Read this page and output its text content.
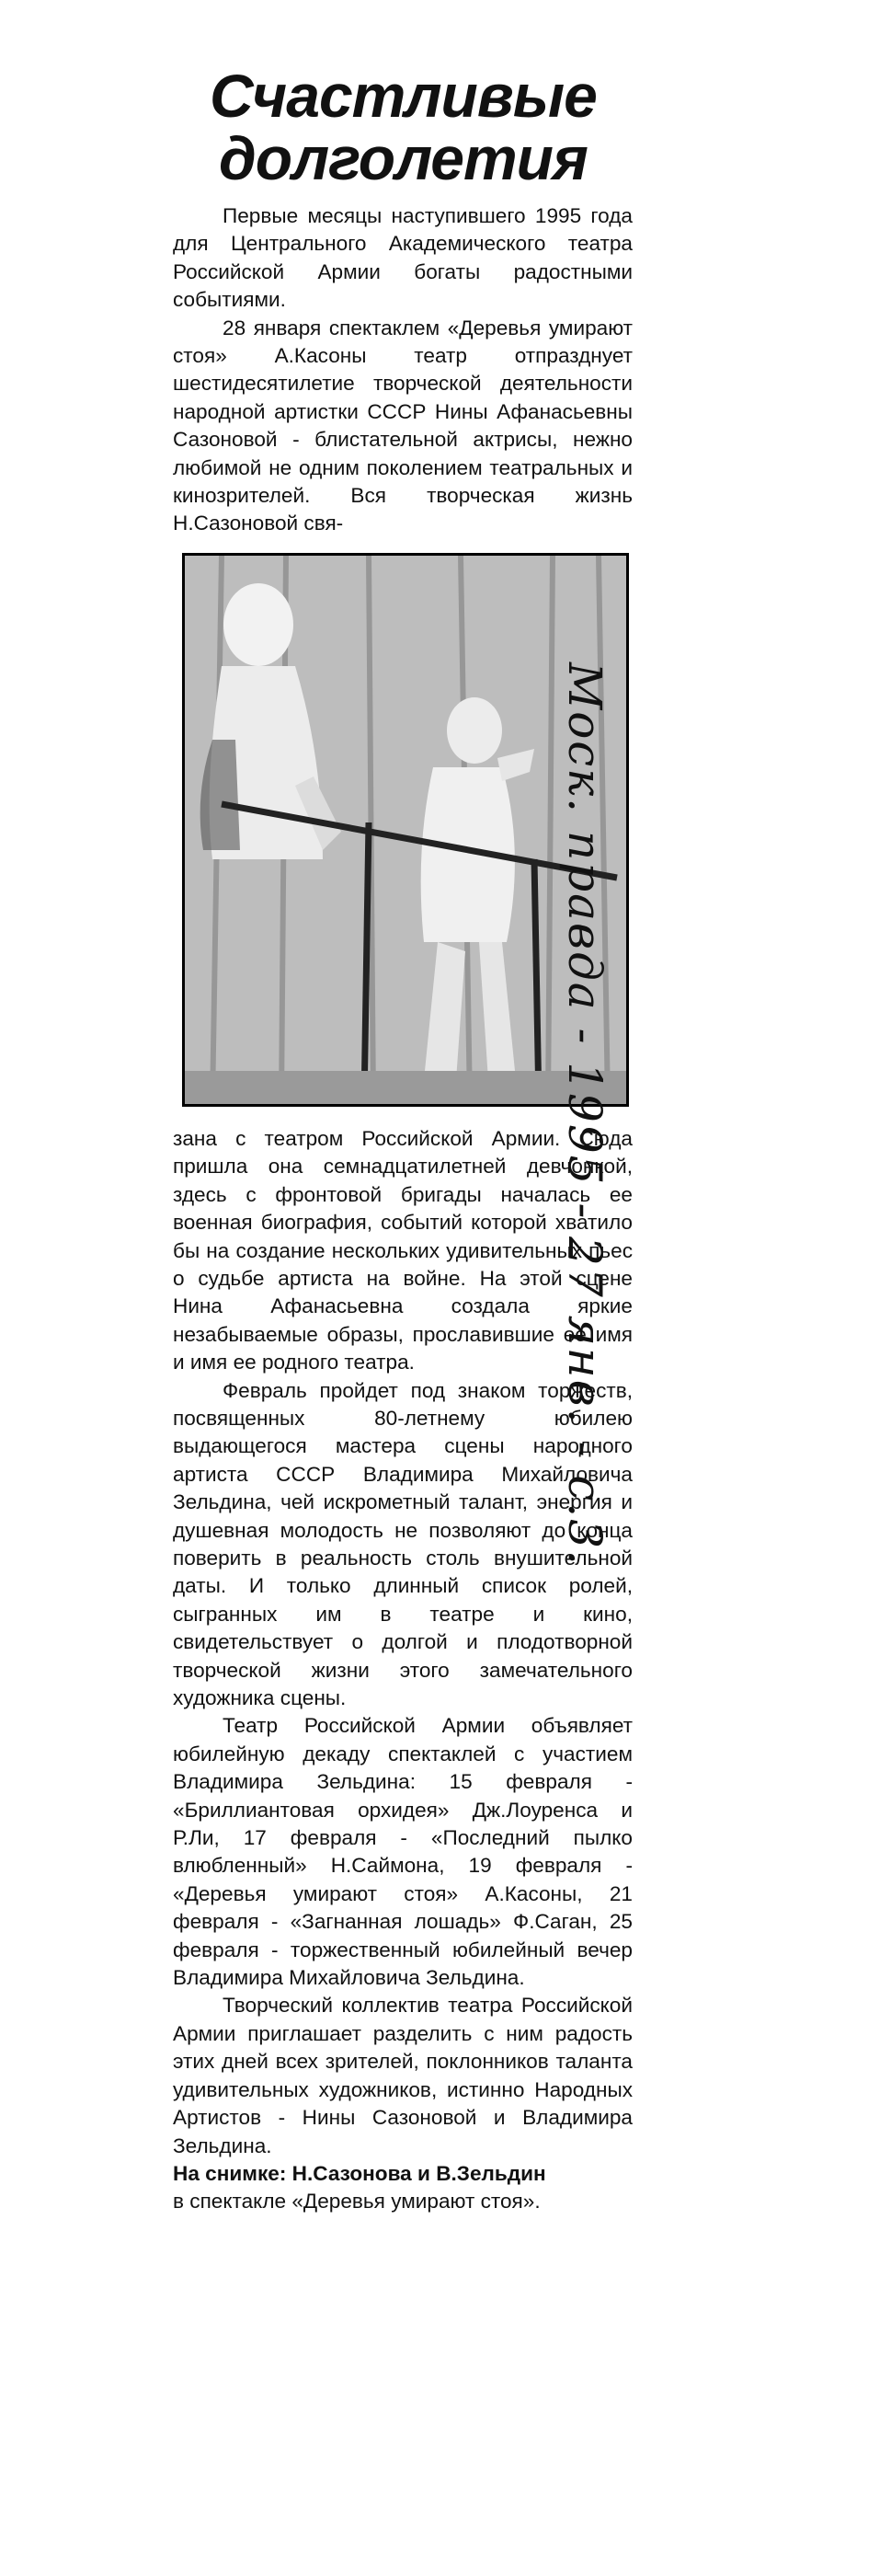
Счастливые
долголетия

Первые месяцы наступившего 1995 года для Центрального Академического театра Российской Армии богаты радостными событиями.

28 января спектаклем «Деревья умирают стоя» А.Касоны театр отпразднует шестидесятилетие творческой деятельности народной артистки СССР Нины Афанасьевны Сазоновой - блистательной актрисы, нежно любимой не одним поколением театральных и кинозрителей. Вся творческая жизнь Н.Сазоновой свя-

зана с театром Российской Армии. Сюда пришла она семнадцатилетней девчонкой, здесь с фронтовой бригады началась ее военная биография, событий которой хватило бы на создание нескольких удивительных пьес о судьбе артиста на войне. На этой сцене Нина Афанасьевна создала яркие незабываемые образы, прославившие ее имя и имя ее родного театра.

Февраль пройдет под знаком торжеств, посвященных 80-летнему юбилею выдающегося мастера сцены народного артиста СССР Владимира Михайловича Зельдина, чей искрометный талант, энергия и душевная молодость не позволяют до конца поверить в реальность столь внушительной даты. И только длинный список ролей, сыгранных им в театре и кино, свидетельствует о долгой и плодотворной творческой жизни этого замечательного художника сцены.

Театр Российской Армии объявляет юбилейную декаду спектаклей с участием Владимира Зельдина: 15 февраля - «Бриллиантовая орхидея» Дж.Лоуренса и Р.Ли, 17 февраля - «Последний пылко влюбленный» Н.Саймона, 19 февраля - «Деревья умирают стоя» А.Касоны, 21 февраля - «Загнанная лошадь» Ф.Саган, 25 февраля - торжественный юбилейный вечер Владимира Михайловича Зельдина.

Творческий коллектив театра Российской Армии приглашает разделить с ним радость этих дней всех зрителей, поклонников таланта удивительных художников, истинно Народных Артистов - Нины Сазоновой и Владимира Зельдина.

На снимке: Н.Сазонова и В.Зельдин
в спектакле «Деревья умирают стоя».

Моск. правда - 1995 - 27 янв. - с.3.
